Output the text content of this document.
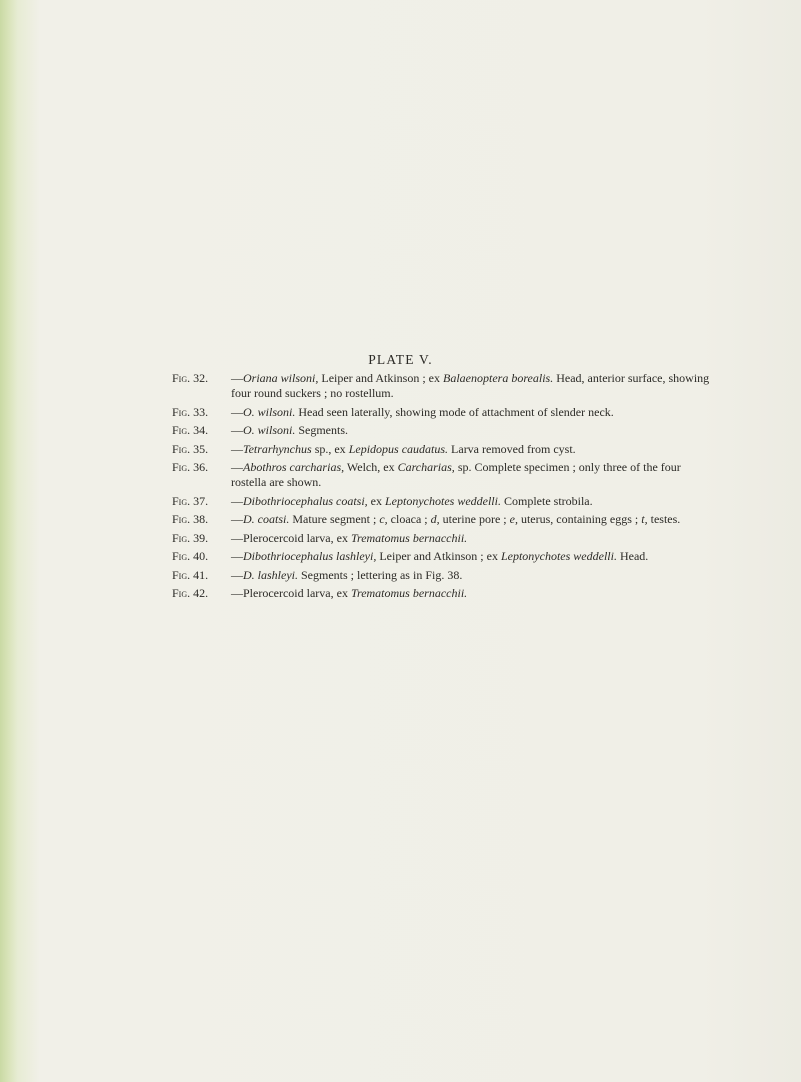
PLATE V.
Fig. 32.	—Oriana wilsoni, Leiper and Atkinson ; ex Balaenoptera borealis. Head, anterior surface, showing
four round suckers ; no rostellum.
Fig. 33.	—O. wilsoni. Head seen laterally, showing mode of attachment of slender neck.
Fig. 34.	—O. wilsoni. Segments.
Fig. 35.	—Tetrarhynchus sp., ex Lepidopus caudatus. Larva removed from cyst.
Fig. 36.	—Abothros carcharias, Welch, ex Carcharias, sp. Complete specimen ; only three of the four
rostella are shown.
Fig. 37.	—Dibothriocephalus coatsi, ex Leptonychotes weddelli. Complete strobila.
Fig. 38.	—D. coatsi. Mature segment ; c, cloaca ; d, uterine pore ; e, uterus, containing eggs ; t, testes.
Fig. 39.	—Plerocercoid larva, ex Trematomus bernacchii.
Fig. 40.	—Dibothriocephalus lashleyi, Leiper and Atkinson ; ex Leptonychotes weddelli. Head.
Fig. 41.	—D. lashleyi. Segments ; lettering as in Fig. 38.
Fig. 42.	—Plerocercoid larva, ex Trematomus bernacchii.
